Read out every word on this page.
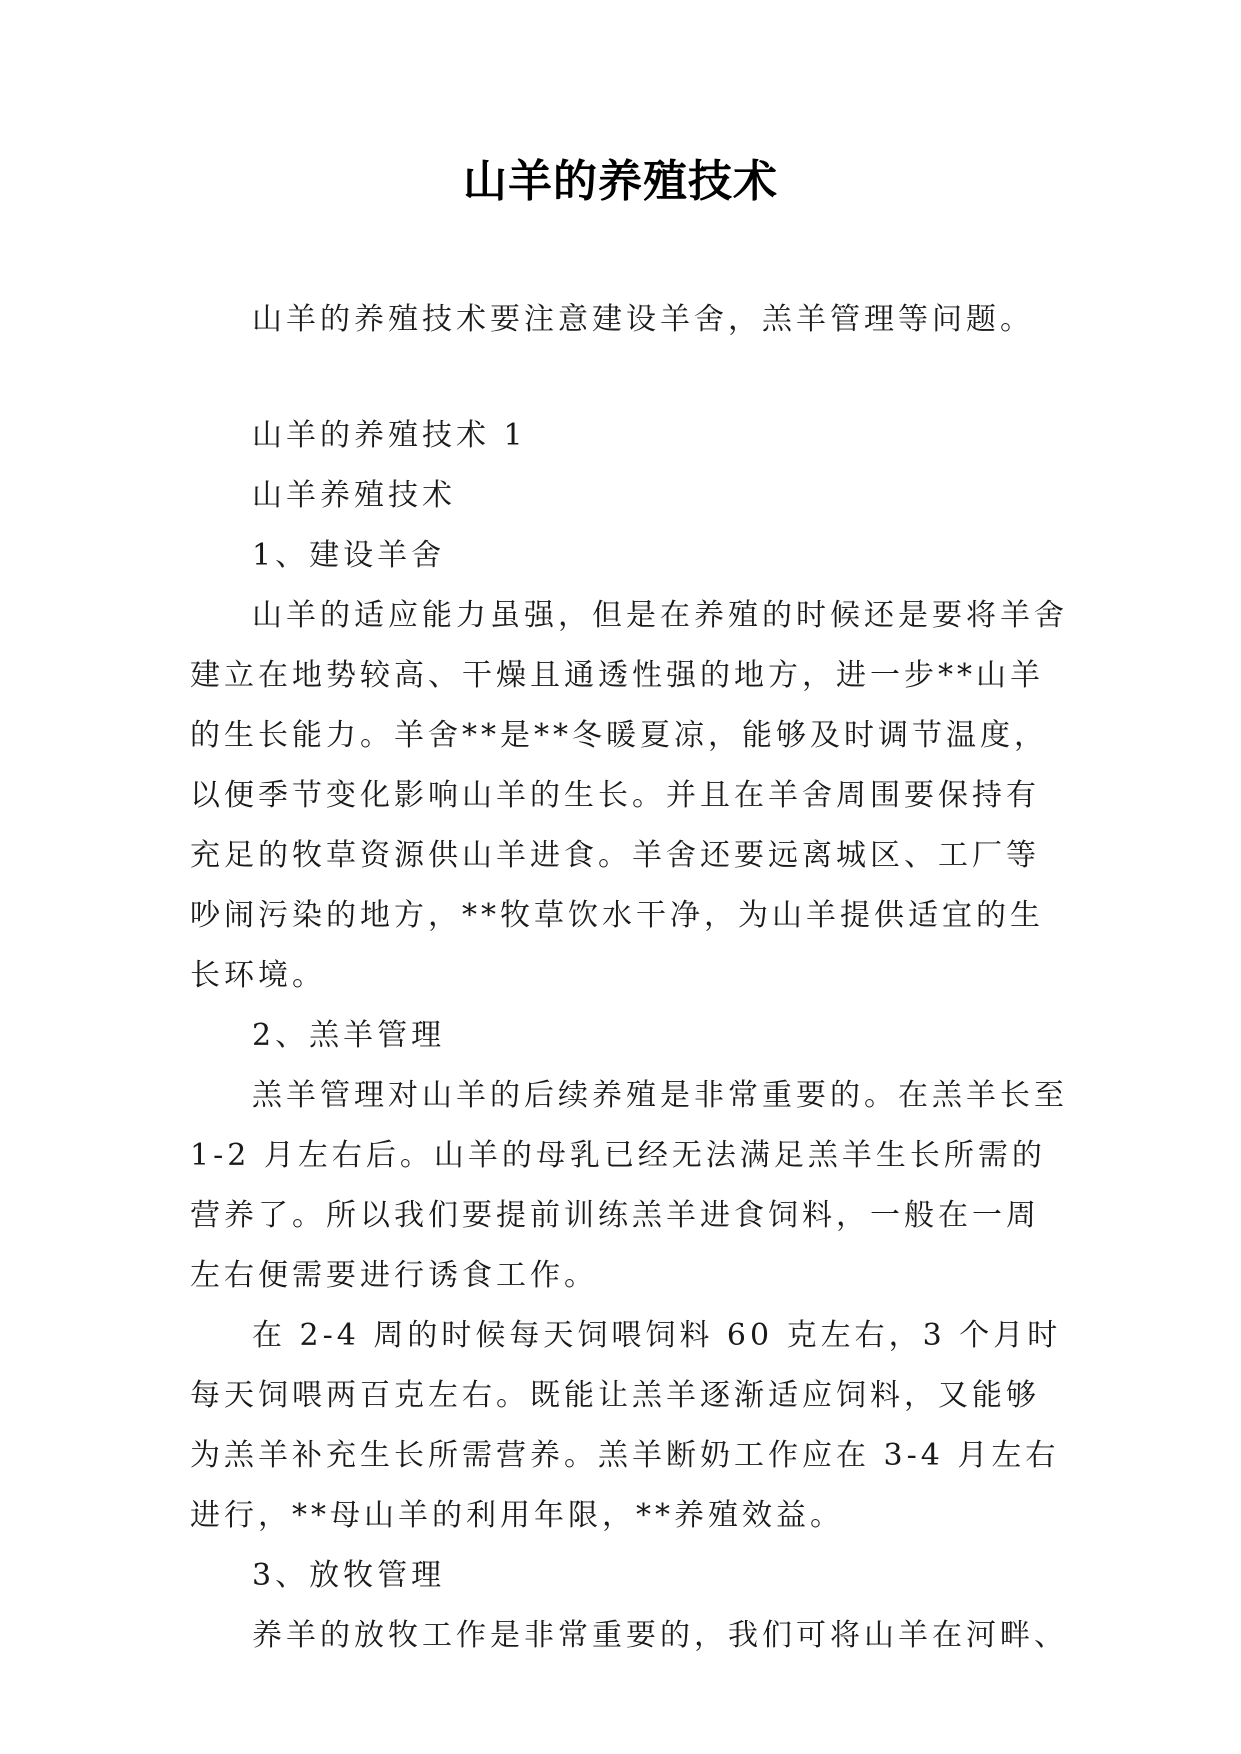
山羊的养殖技术

山羊的养殖技术要注意建设羊舍，羔羊管理等问题。

山羊的养殖技术 1

山羊养殖技术

1、建设羊舍

山羊的适应能力虽强，但是在养殖的时候还是要将羊舍建立在地势较高、干燥且通透性强的地方，进一步**山羊的生长能力。羊舍**是**冬暖夏凉，能够及时调节温度，以便季节变化影响山羊的生长。并且在羊舍周围要保持有充足的牧草资源供山羊进食。羊舍还要远离城区、工厂等吵闹污染的地方，**牧草饮水干净，为山羊提供适宜的生长环境。

2、羔羊管理

羔羊管理对山羊的后续养殖是非常重要的。在羔羊长至 1-2 月左右后。山羊的母乳已经无法满足羔羊生长所需的营养了。所以我们要提前训练羔羊进食饲料，一般在一周左右便需要进行诱食工作。

在 2-4 周的时候每天饲喂饲料 60 克左右，3 个月时每天饲喂两百克左右。既能让羔羊逐渐适应饲料，又能够为羔羊补充生长所需营养。羔羊断奶工作应在 3-4 月左右进行，**母山羊的利用年限，**养殖效益。

3、放牧管理

养羊的放牧工作是非常重要的，我们可将山羊在河畔、
